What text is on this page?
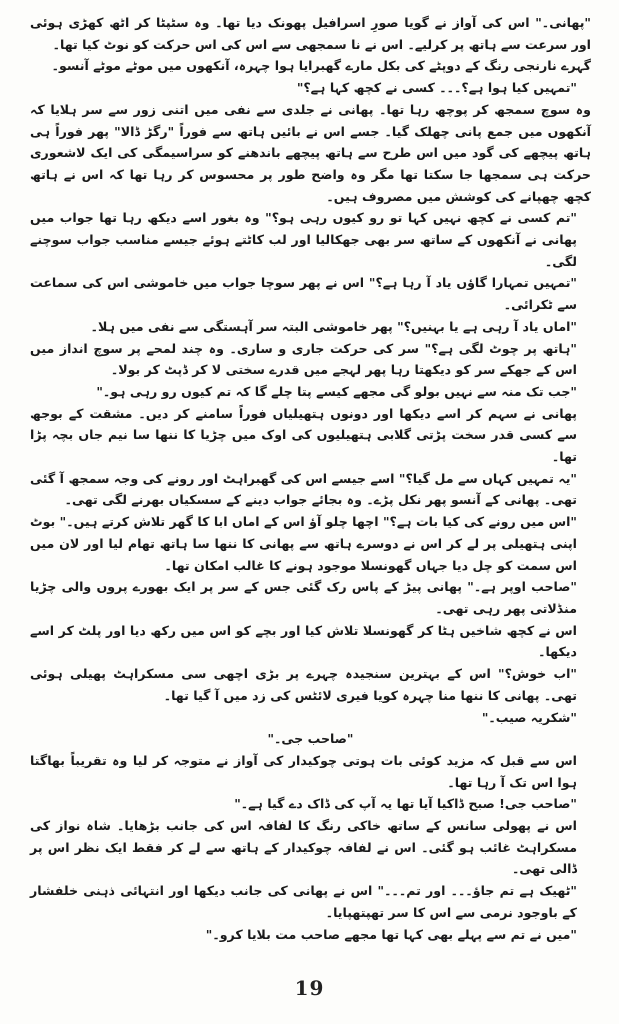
"پھانی۔" اس کی آواز نے گویا صورِ اسرافیل پھونک دیا تھا۔ وہ سٹپٹا کر اٹھ کھڑی ہوئی اور سرعت سے ہاتھ پر کرلیے۔ اس نے نا سمجھی سے اس کی اس حرکت کو نوٹ کیا تھا۔

گہرے نارنجی رنگ کے دوپٹے کی بکل مارے گھبرایا ہوا چہرہ، آنکھوں میں موٹے موٹے آنسو۔

"تمہیں کیا ہوا ہے؟۔۔۔ کسی نے کچھ کہا ہے؟"

وہ سوچ سمجھ کر پوچھ رہا تھا۔ پھانی نے جلدی سے نفی میں اتنی زور سے سر ہلایا کہ آنکھوں میں جمع پانی چھلک گیا۔ جسے اس نے بائیں ہاتھ سے فوراً "رگڑ ڈالا" پھر فوراً ہی ہاتھ پیچھے کی گود میں اس طرح سے ہاتھ پیچھے باندھنے کو سراسیمگی کی ایک لاشعوری حرکت ہی سمجھا جا سکتا تھا مگر وہ واضح طور پر محسوس کر رہا تھا کہ اس نے ہاتھ کچھ چھپانے کی کوشش میں مصروف ہیں۔

"تم کسی نے کچھ نہیں کہا تو رو کیوں رہی ہو؟" وہ بغور اسے دیکھ رہا تھا جواب میں پھانی نے آنکھوں کے ساتھ سر بھی جھکالیا اور لب کاٹتے ہوئے جیسے مناسب جواب سوچنے لگی۔

"تمہیں تمہارا گاؤں یاد آ رہا ہے؟" اس نے پھر سوچا جواب میں خاموشی اس کی سماعت سے ٹکرائی۔

"اماں یاد آ رہی ہے یا بہنیں؟" پھر خاموشی البتہ سر آہستگی سے نفی میں ہلا۔

"ہاتھ پر چوٹ لگی ہے؟" سر کی حرکت جاری و ساری۔ وہ چند لمحے پر سوچ انداز میں اس کے جھکے سر کو دیکھتا رہا پھر لہجے میں قدرے سختی لا کر ڈپٹ کر بولا۔

"جب تک منہ سے نہیں بولو گی مجھے کیسے پتا چلے گا کہ تم کیوں رو رہی ہو۔"

پھانی نے سہم کر اسے دیکھا اور دونوں ہتھیلیاں فوراً سامنے کر دیں۔ مشقت کے بوجھ سے کسی قدر سخت پڑتی گلابی ہتھیلیوں کی اوک میں چڑیا کا ننھا سا نیم جاں بچہ پڑا تھا۔

"یہ تمہیں کہاں سے مل گیا؟" اسے جیسے اس کی گھبراہٹ اور رونے کی وجہ سمجھ آ گئی تھی۔ پھانی کے آنسو پھر نکل پڑے۔ وہ بجائے جواب دینے کے سسکیاں بھرنے لگی تھی۔

"اس میں رونے کی کیا بات ہے؟" اچھا چلو آؤ اس کے اماں ابا کا گھر تلاش کرتے ہیں۔" بوٹ اپنی ہتھیلی پر لے کر اس نے دوسرے ہاتھ سے پھانی کا ننھا سا ہاتھ تھام لیا اور لان میں اس سمت کو چل دیا جہاں گھونسلا موجود ہونے کا غالب امکان تھا۔

"صاحب اوپر ہے۔" پھانی پیڑ کے پاس رک گئی جس کے سر پر ایک بھورے پروں والی چڑیا منڈلاتی پھر رہی تھی۔

اس نے کچھ شاخیں ہٹا کر گھونسلا تلاش کیا اور بچے کو اس میں رکھ دیا اور پلٹ کر اسے دیکھا۔

"اب خوش؟" اس کے بہترین سنجیدہ چہرے پر بڑی اچھی سی مسکراہٹ پھیلی ہوئی تھی۔ پھانی کا ننھا منا چہرہ کویا فیری لائٹس کی زد میں آ گیا تھا۔

"شکریہ صیب۔"

"صاحب جی۔"

اس سے قبل کہ مزید کوئی بات ہوتی چوکیدار کی آواز نے متوجہ کر لیا وہ تقریباً بھاگتا ہوا اس تک آ رہا تھا۔

"صاحب جی! صبح ڈاکیا آیا تھا یہ آپ کی ڈاک دے گیا ہے۔"

اس نے پھولی سانس کے ساتھ خاکی رنگ کا لفافہ اس کی جانب بڑھایا۔ شاہ نواز کی مسکراہٹ غائب ہو گئی۔ اس نے لفافہ چوکیدار کے ہاتھ سے لے کر فقط ایک نظر اس پر ڈالی تھی۔

"ٹھیک ہے تم جاؤ۔۔۔ اور تم۔۔۔" اس نے پھانی کی جانب دیکھا اور انتہائی ذہنی خلفشار کے باوجود نرمی سے اس کا سر تھپتھپایا۔

"میں نے تم سے پہلے بھی کہا تھا مجھے صاحب مت بلایا کرو۔"

19
